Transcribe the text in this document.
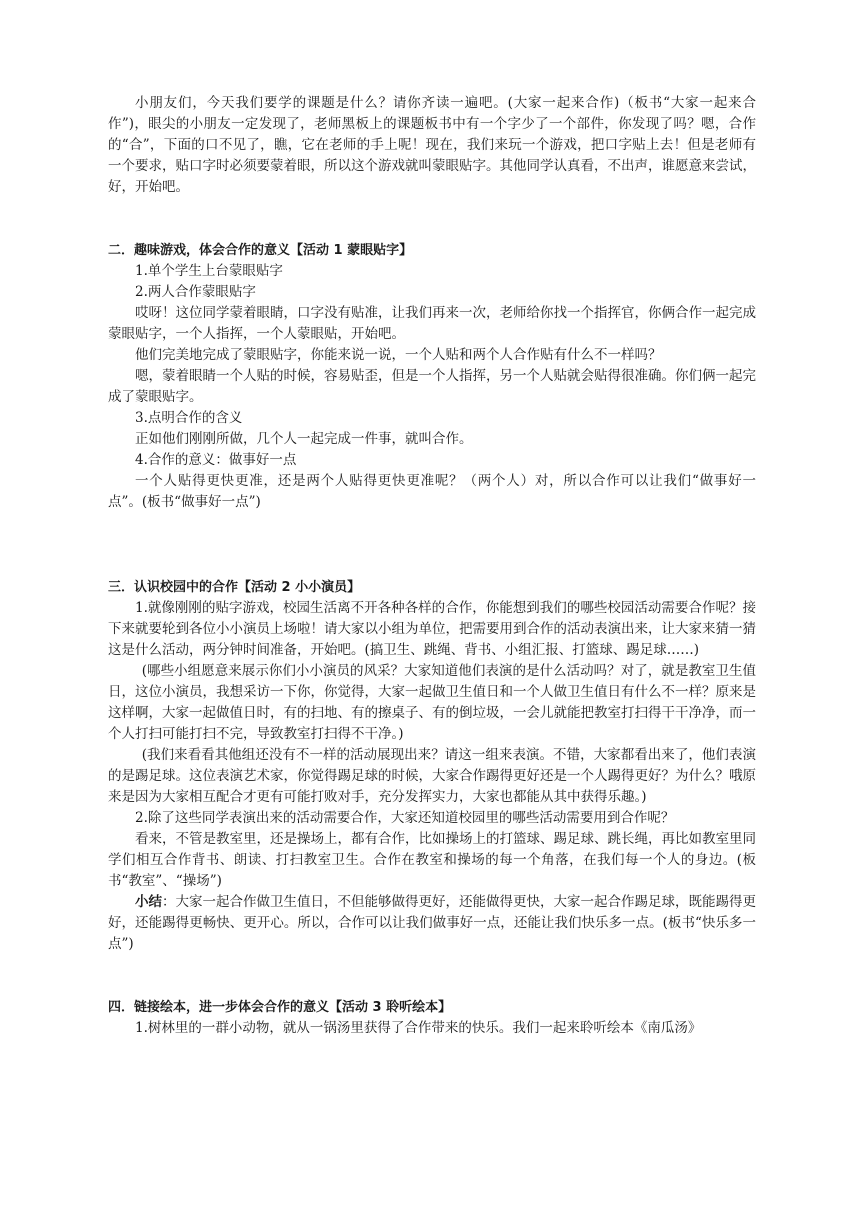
小朋友们，今天我们要学的课题是什么？请你齐读一遍吧。(大家一起来合作)（板书“大家一起来合作”)，眼尖的小朋友一定发现了，老师黑板上的课题板书中有一个字少了一个部件，你发现了吗？嗯，合作的“合”，下面的口不见了，瞧，它在老师的手上呢！现在，我们来玩一个游戏，把口字贴上去！但是老师有一个要求，贴口字时必须要蒙着眼，所以这个游戏就叫蒙眼贴字。其他同学认真看，不出声，谁愿意来尝试，好，开始吧。

二．趣味游戏，体会合作的意义【活动 1 蒙眼贴字】

1.单个学生上台蒙眼贴字

2.两人合作蒙眼贴字

哎呀！这位同学蒙着眼睛，口字没有贴准，让我们再来一次，老师给你找一个指挥官，你俩合作一起完成蒙眼贴字，一个人指挥，一个人蒙眼贴，开始吧。

他们完美地完成了蒙眼贴字，你能来说一说，一个人贴和两个人合作贴有什么不一样吗？

嗯，蒙着眼睛一个人贴的时候，容易贴歪，但是一个人指挥，另一个人贴就会贴得很准确。你们俩一起完成了蒙眼贴字。

3.点明合作的含义

正如他们刚刚所做，几个人一起完成一件事，就叫合作。

4.合作的意义：做事好一点

一个人贴得更快更准，还是两个人贴得更快更准呢？（两个人）对，所以合作可以让我们“做事好一点”。(板书“做事好一点”)

三．认识校园中的合作【活动 2 小小演员】

1.就像刚刚的贴字游戏，校园生活离不开各种各样的合作，你能想到我们的哪些校园活动需要合作呢？接下来就要轮到各位小小演员上场啦！请大家以小组为单位，把需要用到合作的活动表演出来，让大家来猜一猜这是什么活动，两分钟时间准备，开始吧。(搞卫生、跳绳、背书、小组汇报、打篮球、踢足球……)

(哪些小组愿意来展示你们小小演员的风采？大家知道他们表演的是什么活动吗？对了，就是教室卫生值日，这位小演员，我想采访一下你，你觉得，大家一起做卫生值日和一个人做卫生值日有什么不一样？原来是这样啊，大家一起做值日时，有的扫地、有的擦桌子、有的倒垃圾，一会儿就能把教室打扫得干干净净，而一个人打扫可能打扫不完，导致教室打扫得不干净。)

(我们来看看其他组还没有不一样的活动展现出来？请这一组来表演。不错，大家都看出来了，他们表演的是踢足球。这位表演艺术家，你觉得踢足球的时候，大家合作踢得更好还是一个人踢得更好？为什么？哦原来是因为大家相互配合才更有可能打败对手，充分发挥实力，大家也都能从其中获得乐趣。)

2.除了这些同学表演出来的活动需要合作，大家还知道校园里的哪些活动需要用到合作呢？

看来，不管是教室里，还是操场上，都有合作，比如操场上的打篮球、踢足球、跳长绳，再比如教室里同学们相互合作背书、朗读、打扫教室卫生。合作在教室和操场的每一个角落，在我们每一个人的身边。(板书“教室”、“操场”)

小结：大家一起合作做卫生值日，不但能够做得更好，还能做得更快，大家一起合作踢足球，既能踢得更好，还能踢得更畅快、更开心。所以，合作可以让我们做事好一点，还能让我们快乐多一点。(板书“快乐多一点”)

四．链接绘本，进一步体会合作的意义【活动 3 聆听绘本】

1.树林里的一群小动物，就从一锅汤里获得了合作带来的快乐。我们一起来聆听绘本《南瓜汤》
